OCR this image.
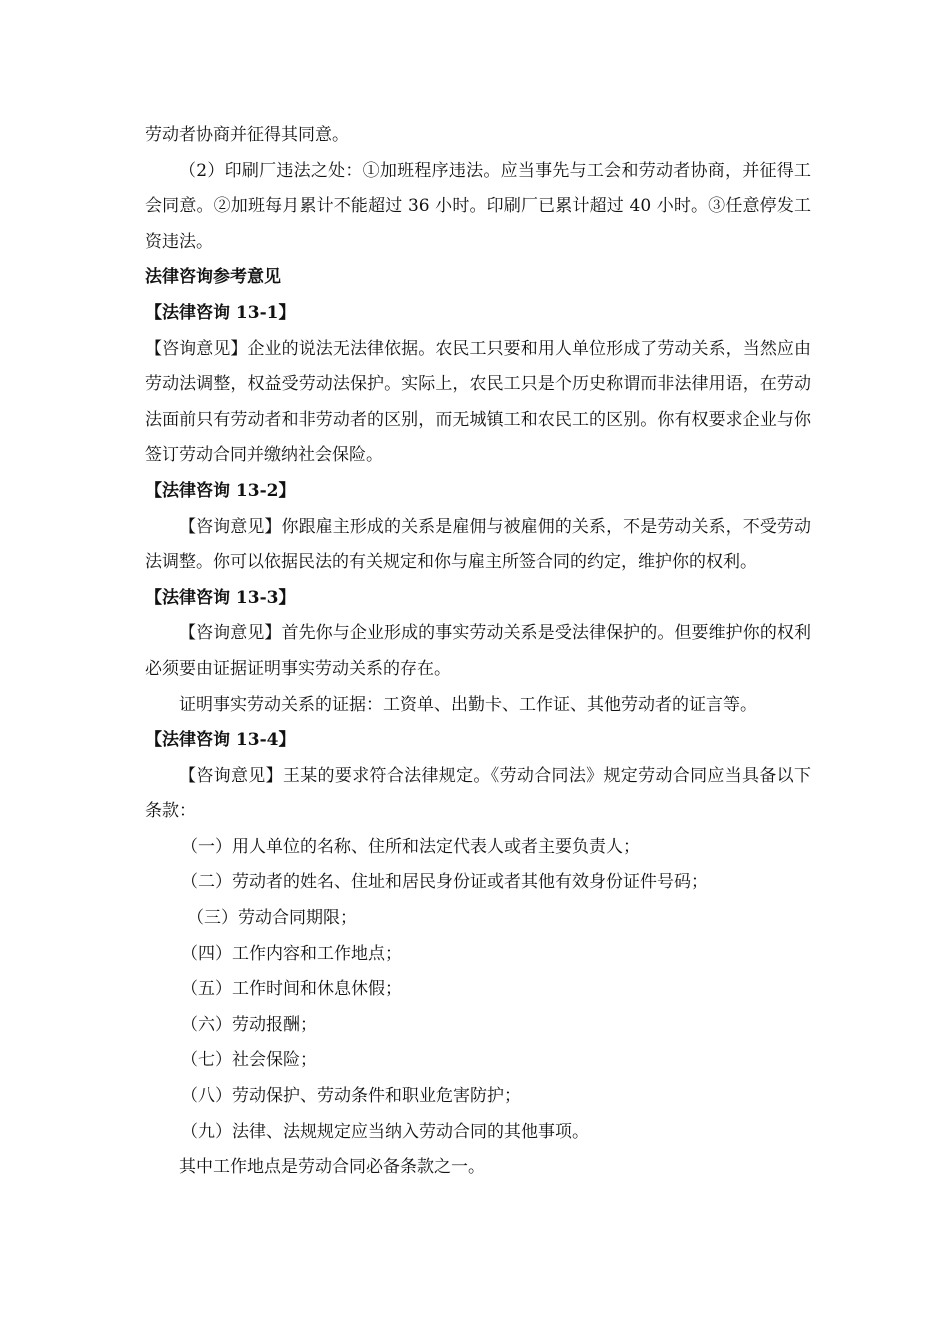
劳动者协商并征得其同意。

（2）印刷厂违法之处：①加班程序违法。应当事先与工会和劳动者协商，并征得工会同意。②加班每月累计不能超过 36 小时。印刷厂已累计超过 40 小时。③任意停发工资违法。

法律咨询参考意见
【法律咨询 13-1】

【咨询意见】企业的说法无法律依据。农民工只要和用人单位形成了劳动关系，当然应由劳动法调整，权益受劳动法保护。实际上，农民工只是个历史称谓而非法律用语，在劳动法面前只有劳动者和非劳动者的区别，而无城镇工和农民工的区别。你有权要求企业与你签订劳动合同并缴纳社会保险。

【法律咨询 13-2】

【咨询意见】你跟雇主形成的关系是雇佣与被雇佣的关系，不是劳动关系，不受劳动法调整。你可以依据民法的有关规定和你与雇主所签合同的约定，维护你的权利。

【法律咨询 13-3】

【咨询意见】首先你与企业形成的事实劳动关系是受法律保护的。但要维护你的权利必须要由证据证明事实劳动关系的存在。

证明事实劳动关系的证据：工资单、出勤卡、工作证、其他劳动者的证言等。
【法律咨询 13-4】

【咨询意见】王某的要求符合法律规定。《劳动合同法》规定劳动合同应当具备以下条款：

（一）用人单位的名称、住所和法定代表人或者主要负责人；
（二）劳动者的姓名、住址和居民身份证或者其他有效身份证件号码；
（三）劳动合同期限；
（四）工作内容和工作地点；
（五）工作时间和休息休假；
（六）劳动报酬；
（七）社会保险；
（八）劳动保护、劳动条件和职业危害防护；
（九）法律、法规规定应当纳入劳动合同的其他事项。
其中工作地点是劳动合同必备条款之一。
